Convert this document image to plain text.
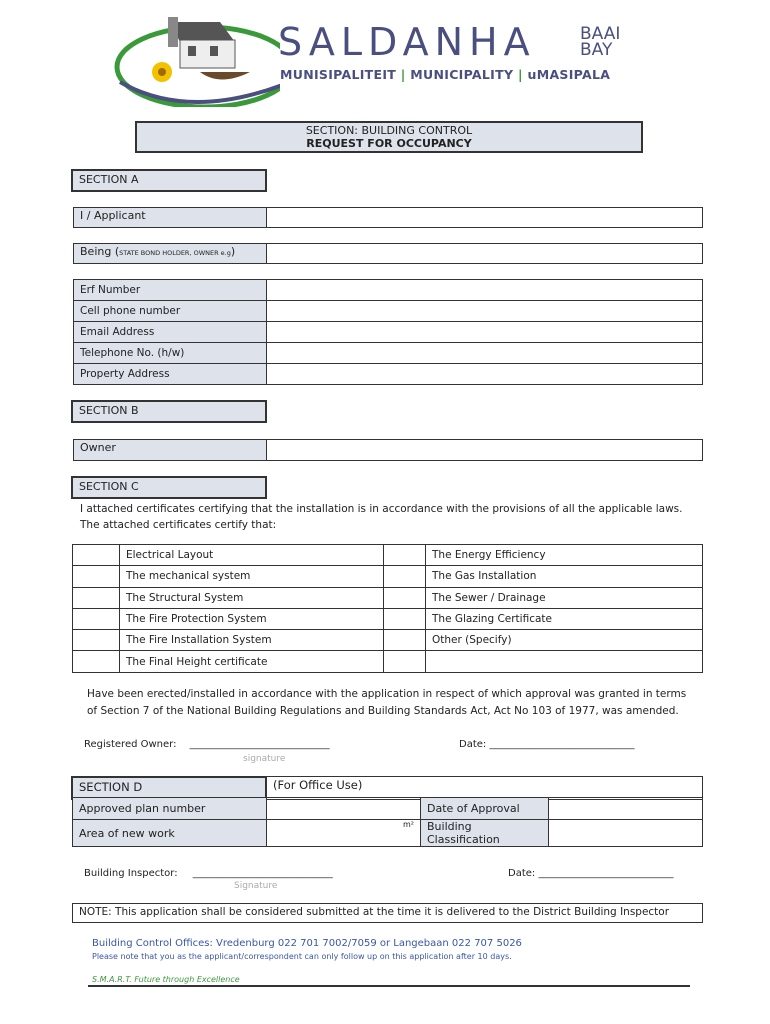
SALDANHA	BAAI
BAY
MUNISIPALITEIT | MUNICIPALITY | uMASIPALA
SECTION: BUILDING CONTROL
REQUEST FOR OCCUPANCY
SECTION A
I / Applicant
Being (STATE BOND HOLDER, OWNER e.g)
Erf Number	
Cell phone number	
Email Address	
Telephone No. (h/w)	
Property Address	
SECTION B
Owner
SECTION C
I attached certificates certifying that the installation is in accordance with the provisions of all the applicable laws.
The attached certificates certify that:
	Electrical Layout		The Energy Efficiency
	The mechanical system		The Gas Installation
	The Structural System		The Sewer / Drainage
	The Fire Protection System		The Glazing Certificate
	The Fire Installation System		Other (Specify)
	The Final Height certificate		
Have been erected/installed in accordance with the application in respect of which approval was granted in terms
of Section 7 of the National Building Regulations and Building Standards Act, Act No 103 of 1977, was amended.
Registered Owner: ____________________________
signature
Date: _____________________________
SECTION D	(For Office Use)
Approved plan number		Date of Approval	
Area of new work	m²	Building Classification	
Building Inspector: ____________________________
Signature
Date: ___________________________
NOTE: This application shall be considered submitted at the time it is delivered to the District Building Inspector
Building Control Offices: Vredenburg 022 701 7002/7059 or Langebaan 022 707 5026
Please note that you as the applicant/correspondent can only follow up on this application after 10 days.
S.M.A.R.T. Future through Excellence
